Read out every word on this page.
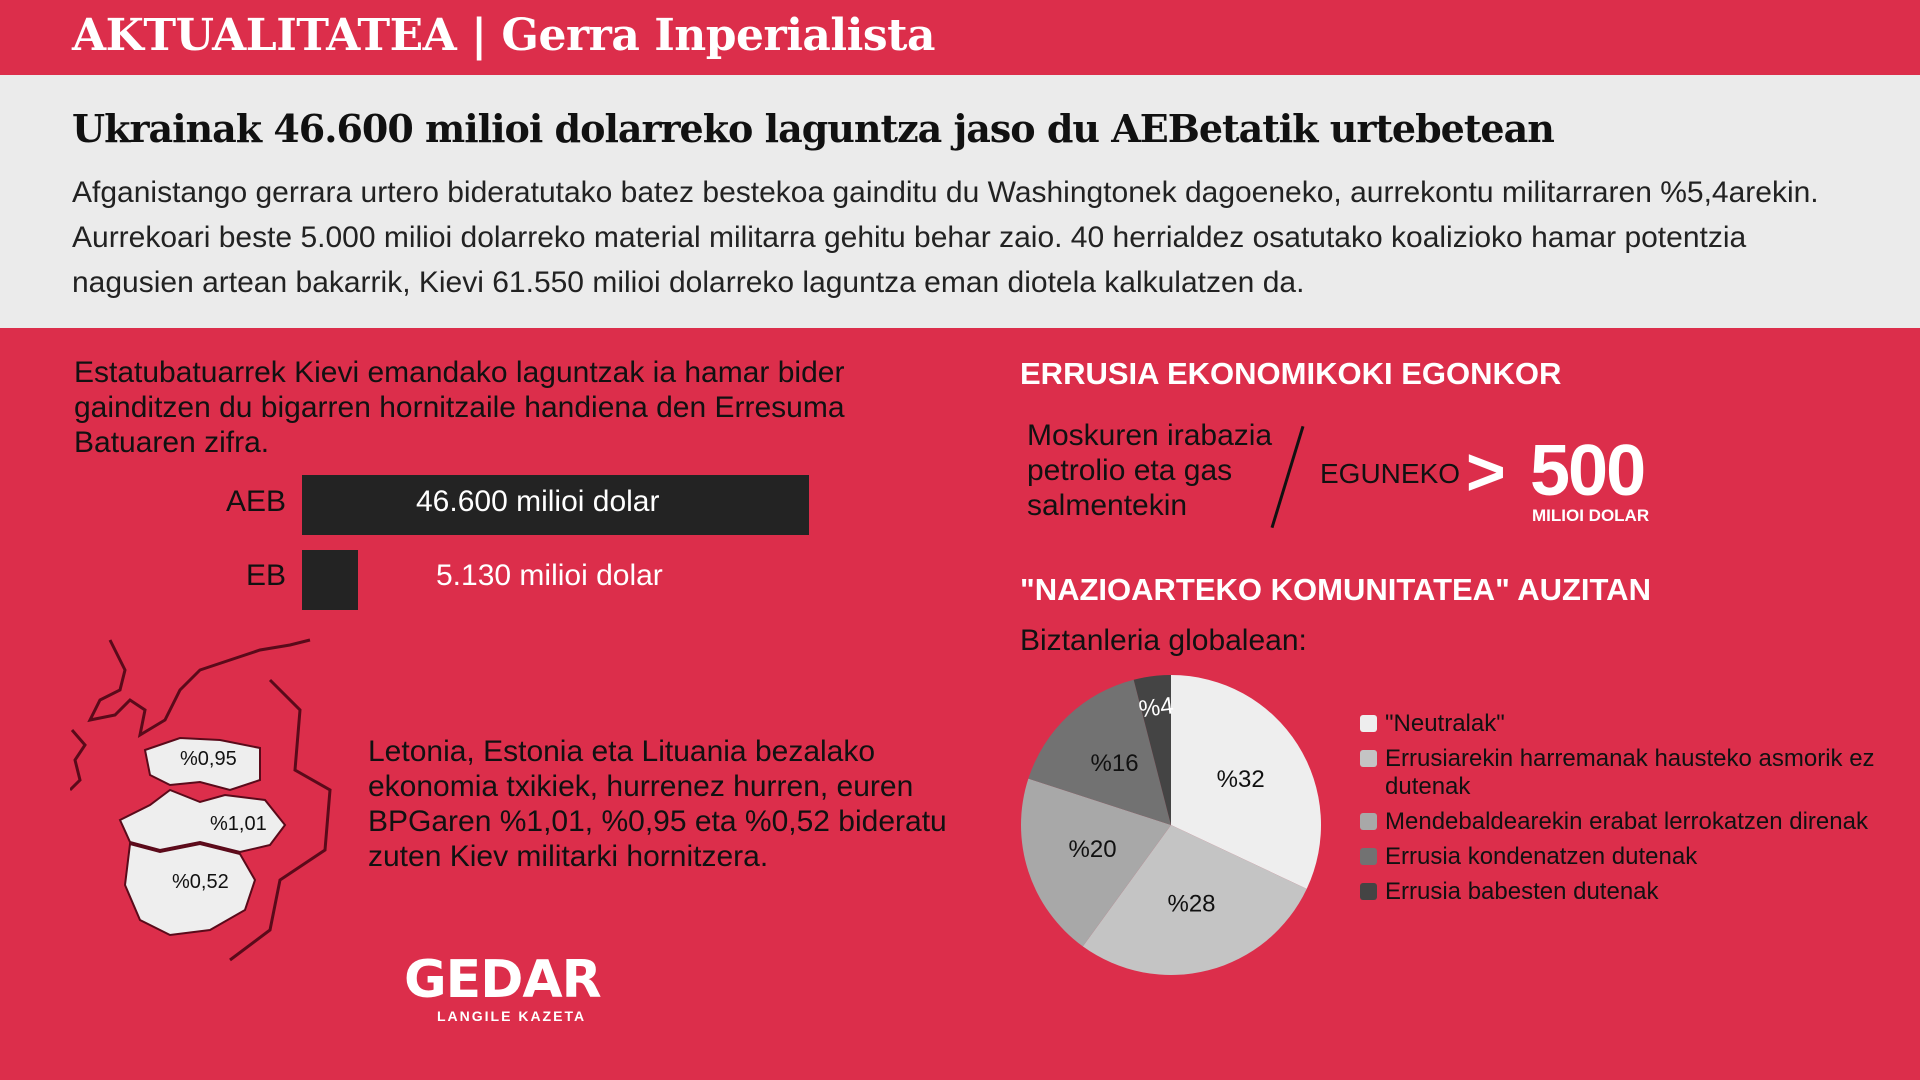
AKTUALITATEA | Gerra Inperialista
Ukrainak 46.600 milioi dolarreko laguntza jaso du AEBetatik urtebetean
Afganistango gerrara urtero bideratutako batez bestekoa gainditu du Washingtonek dagoeneko, aurrekontu militarraren %5,4arekin. Aurrekoari beste 5.000 milioi dolarreko material militarra gehitu behar zaio. 40 herrialdez osatutako koalizioko hamar potentzia nagusien artean bakarrik, Kievi 61.550 milioi dolarreko laguntza eman diotela kalkulatzen da.
Estatubatuarrek Kievi emandako laguntzak ia hamar bider gainditzen du bigarren hornitzaile handiena den Erresuma Batuaren zifra.
AEB	46.600 milioi dolar
EB	5.130 milioi dolar
%0,95
%1,01
%0,52
Letonia, Estonia eta Lituania bezalako ekonomia txikiek, hurrenez hurren, euren BPGaren %1,01, %0,95 eta %0,52 bideratu zuten Kiev militarki hornitzera.
GEDAR
LANGILE KAZETA
ERRUSIA EKONOMIKOKI EGONKOR
Moskuren irabazia petrolio eta gas salmentekin
EGUNEKO > 500
MILIOI DOLAR
"NAZIOARTEKO KOMUNITATEA" AUZITAN
Biztanleria globalean:
%32
%28
%20
%16
%4
"Neutralak"
Errusiarekin harremanak hausteko asmorik ez dutenak
Mendebaldearekin erabat lerrokatzen direnak
Errusia kondenatzen dutenak
Errusia babesten dutenak
